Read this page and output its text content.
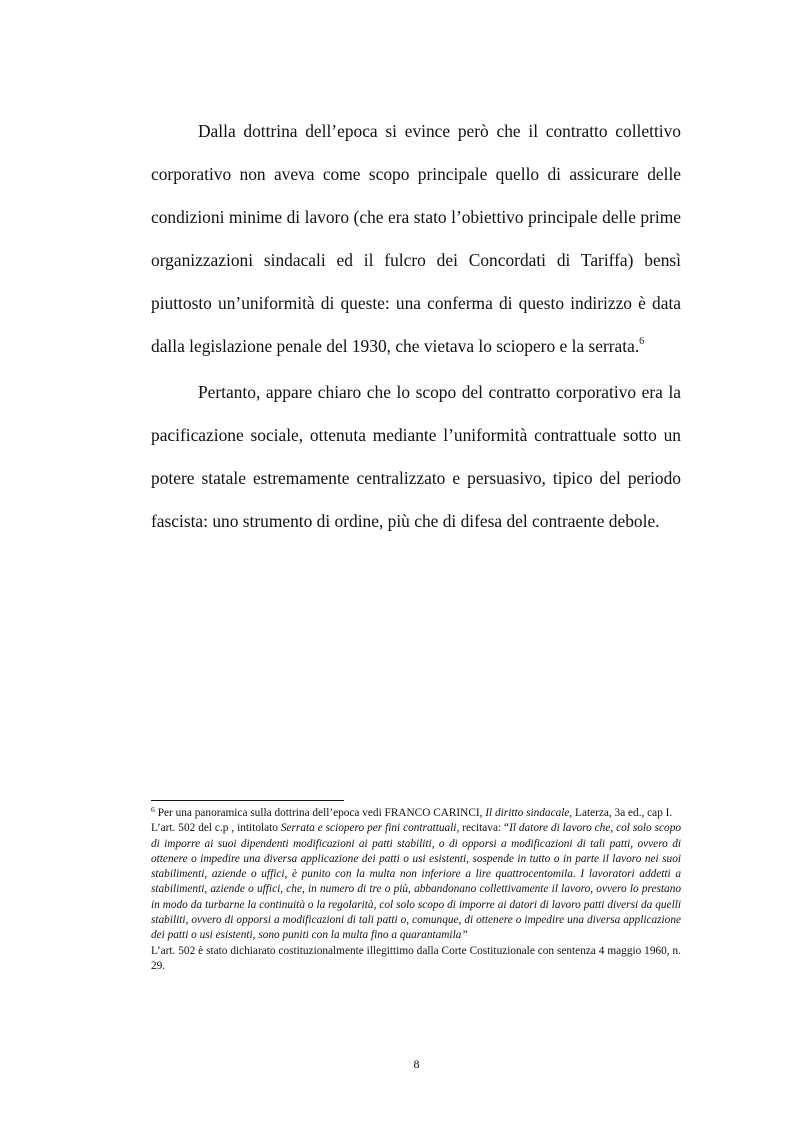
Dalla dottrina dell’epoca si evince però che il contratto collettivo corporativo non aveva come scopo principale quello di assicurare delle condizioni minime di lavoro (che era stato l’obiettivo principale delle prime organizzazioni sindacali ed il fulcro dei Concordati di Tariffa) bensì piuttosto un’uniformità di queste: una conferma di questo indirizzo è data dalla legislazione penale del 1930, che vietava lo sciopero e la serrata.$^6$

Pertanto, appare chiaro che lo scopo del contratto corporativo era la pacificazione sociale, ottenuta mediante l’uniformità contrattuale sotto un potere statale estremamente centralizzato e persuasivo, tipico del periodo fascista: uno strumento di ordine, più che di difesa del contraente debole.

$^6$ Per una panoramica sulla dottrina dell’epoca vedi FRANCO CARINCI, Il diritto sindacale, Laterza, 3a ed., cap I.

L’art. 502 del c.p , intitolato Serrata e sciopero per fini contrattuali, recitava: “Il datore di lavoro che, col solo scopo di imporre ai suoi dipendenti modificazioni ai patti stabiliti, o di opporsi a modificazioni di tali patti, ovvero di ottenere o impedire una diversa applicazione dei patti o usi esistenti, sospende in tutto o in parte il lavoro nei suoi stabilimenti, aziende o uffici, è punito con la multa non inferiore a lire quattrocentomila. I lavoratori addetti a stabilimenti, aziende o uffici, che, in numero di tre o più, abbandonano collettivamente il lavoro, ovvero lo prestano in modo da turbarne la continuità o la regolarità, col solo scopo di imporre ai datori di lavoro patti diversi da quelli stabiliti, ovvero di opporsi a modificazioni di tali patti o, comunque, di ottenere o impedire una diversa applicazione dei patti o usi esistenti, sono puniti con la multa fino a quarantamila”

L’art. 502 è stato dichiarato costituzionalmente illegittimo dalla Corte Costituzionale con sentenza 4 maggio 1960, n. 29.

8
